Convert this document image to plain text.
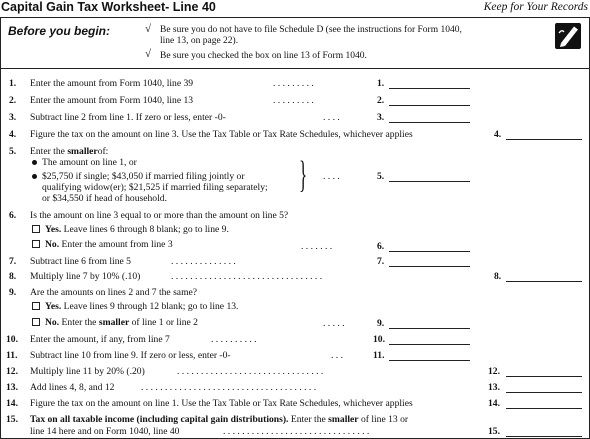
Capital Gain Tax Worksheet- Line 40	Keep for Your Records
Before you begin:	√ Be sure you do not have to file Schedule D (see the instructions for Form 1040,
line 13, on page 22).
√ Be sure you checked the box on line 13 of Form 1040.
1. Enter the amount from Form 1040, line 39	. . . . . . . . .	1.
2. Enter the amount from Form 1040, line 13	. . . . . . . . .	2.
3. Subtract line 2 from line 1. If zero or less, enter -0-	. . . .	3.
4. Figure the tax on the amount on line 3. Use the Tax Table or Tax Rate Schedules, whichever applies	4.
5. Enter the smallerof:
The amount on line 1, or
$25,750 if single; $43,050 if married filing jointly or
qualifying widow(er); $21,525 if married filing separately;
or $34,550 if head of household.
} . . . .	5.
6. Is the amount on line 3 equal to or more than the amount on line 5?
Yes. Leave lines 6 through 8 blank; go to line 9.
No. Enter the amount from line 3	. . . . . . .	6.
7. Subtract line 6 from line 5	. . . . . . . . . . . . . .	7.
8. Multiply line 7 by 10% (.10)	. . . . . . . . . . . . . . . . . . . . . . . . . . . . . . . .	8.
9. Are the amounts on lines 2 and 7 the same?
Yes. Leave lines 9 through 12 blank; go to line 13.
No. Enter the smaller of line 1 or line 2	. . . . .	9.
10. Enter the amount, if any, from line 7	. . . . . . . . . .	10.
11. Subtract line 10 from line 9. If zero or less, enter -0-	. . .	11.
12. Multiply line 11 by 20% (.20)	. . . . . . . . . . . . . . . . . . . . . . . . . . . . . . .	12.
13. Add lines 4, 8, and 12	. . . . . . . . . . . . . . . . . . . . . . . . . . . . . . . . . . . . .	13.
14. Figure the tax on the amount on line 1. Use the Tax Table or Tax Rate Schedules, whichever applies	14.
15. Tax on all taxable income (including capital gain distributions). Enter the smaller of line 13 or
line 14 here and on Form 1040, line 40	. . . . . . . . . . . . . . . . . . . . . . . . . . . . . . .	15.
